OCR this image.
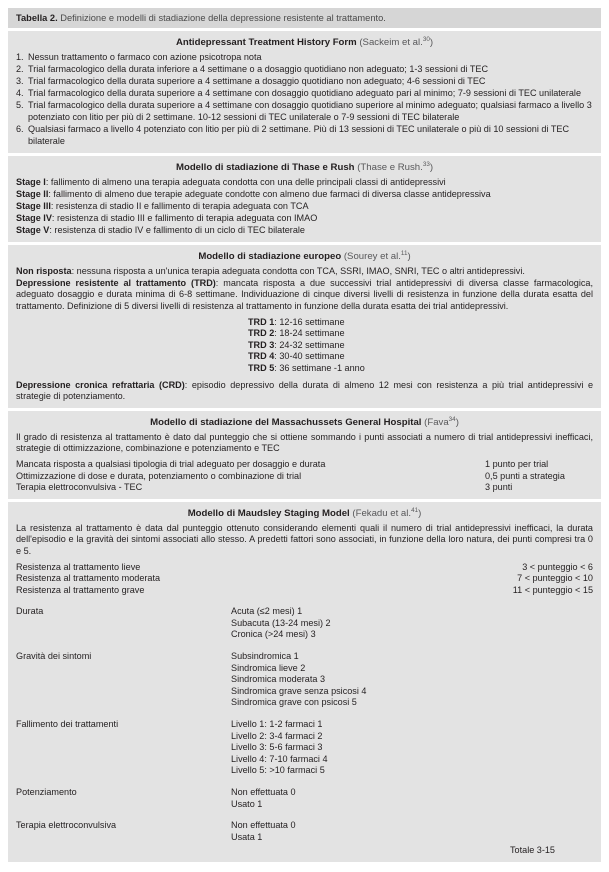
Tabella 2. Definizione e modelli di stadiazione della depressione resistente al trattamento.
Antidepressant Treatment History Form (Sackeim et al.$^{30}$)
1. Nessun trattamento o farmaco con azione psicotropa nota
2. Trial farmacologico della durata inferiore a 4 settimane o a dosaggio quotidiano non adeguato; 1-3 sessioni di TEC
3. Trial farmacologico della durata superiore a 4 settimane a dosaggio quotidiano non adeguato; 4-6 sessioni di TEC
4. Trial farmacologico della durata superiore a 4 settimane con dosaggio quotidiano adeguato pari al minimo; 7-9 sessioni di TEC unilaterale
5. Trial farmacologico della durata superiore a 4 settimane con dosaggio quotidiano superiore al minimo adeguato; qualsiasi farmaco a livello 3 potenziato con litio per più di 2 settimane. 10-12 sessioni di TEC unilaterale o 7-9 sessioni di TEC bilaterale
6. Qualsiasi farmaco a livello 4 potenziato con litio per più di 2 settimane. Più di 13 sessioni di TEC unilaterale o più di 10 sessioni di TEC bilaterale
Modello di stadiazione di Thase e Rush (Thase e Rush.$^{33}$)

Stage I: fallimento di almeno una terapia adeguata condotta con una delle principali classi di antidepressivi

Stage II: fallimento di almeno due terapie adeguate condotte con almeno due farmaci di diversa classe antidepressiva

Stage III: resistenza di stadio II e fallimento di terapia adeguata con TCA

Stage IV: resistenza di stadio III e fallimento di terapia adeguata con IMAO

Stage V: resistenza di stadio IV e fallimento di un ciclo di TEC bilaterale

Modello di stadiazione europeo (Sourey et al.$^{11}$)

Non risposta: nessuna risposta a un'unica terapia adeguata condotta con TCA, SSRI, IMAO, SNRI, TEC o altri antidepressivi.

Depressione resistente al trattamento (TRD): mancata risposta a due successivi trial antidepressivi di diversa classe farmacologica, adeguato dosaggio e durata minima di 6-8 settimane. Individuazione di cinque diversi livelli di resistenza in funzione della durata esatta del trattamento. Definizione di 5 diversi livelli di resistenza al trattamento in funzione della durata esatta dei trial antidepressivi.

TRD 1: 12-16 settimane

TRD 2: 18-24 settimane

TRD 3: 24-32 settimane

TRD 4: 30-40 settimane

TRD 5: 36 settimane -1 anno

Depressione cronica refrattaria (CRD): episodio depressivo della durata di almeno 12 mesi con resistenza a più trial antidepressivi e strategie di potenziamento.

Modello di stadiazione del Massachussets General Hospital (Fava$^{34}$)

Il grado di resistenza al trattamento è dato dal punteggio che si ottiene sommando i punti associati a numero di trial antidepressivi inefficaci, strategie di ottimizzazione, combinazione e potenziamento e TEC

Mancata risposta a qualsiasi tipologia di trial adeguato per dosaggio e durata	1 punto per trial
Ottimizzazione di dose e durata, potenziamento o combinazione di trial	0,5 punti a strategia
Terapia elettroconvulsiva - TEC	3 punti
Modello di Maudsley Staging Model (Fekadu et al.$^{41}$)

La resistenza al trattamento è data dal punteggio ottenuto considerando elementi quali il numero di trial antidepressivi inefficaci, la durata dell'episodio e la gravità dei sintomi associati allo stesso. A predetti fattori sono associati, in funzione della loro natura, dei punti compresi tra 0 e 5.

Resistenza al trattamento lieve	3 < punteggio < 6
Resistenza al trattamento moderata	7 < punteggio < 10
Resistenza al trattamento grave	11 < punteggio < 15

Durata	Acuta (≤2 mesi) 1
Subacuta (13-24 mesi) 2
Cronica (>24 mesi) 3

Gravità dei sintomi	Subsindromica 1
Sindromica lieve 2
Sindromica moderata 3
Sindromica grave senza psicosi 4
Sindromica grave con psicosi 5

Fallimento dei trattamenti	Livello 1: 1-2 farmaci 1
Livello 2: 3-4 farmaci 2
Livello 3: 5-6 farmaci 3
Livello 4: 7-10 farmaci 4
Livello 5: >10 farmaci 5

Potenziamento	Non effettuata 0
Usato 1

Terapia elettroconvulsiva	Non effettuata 0
Usata 1
Totale 3-15
